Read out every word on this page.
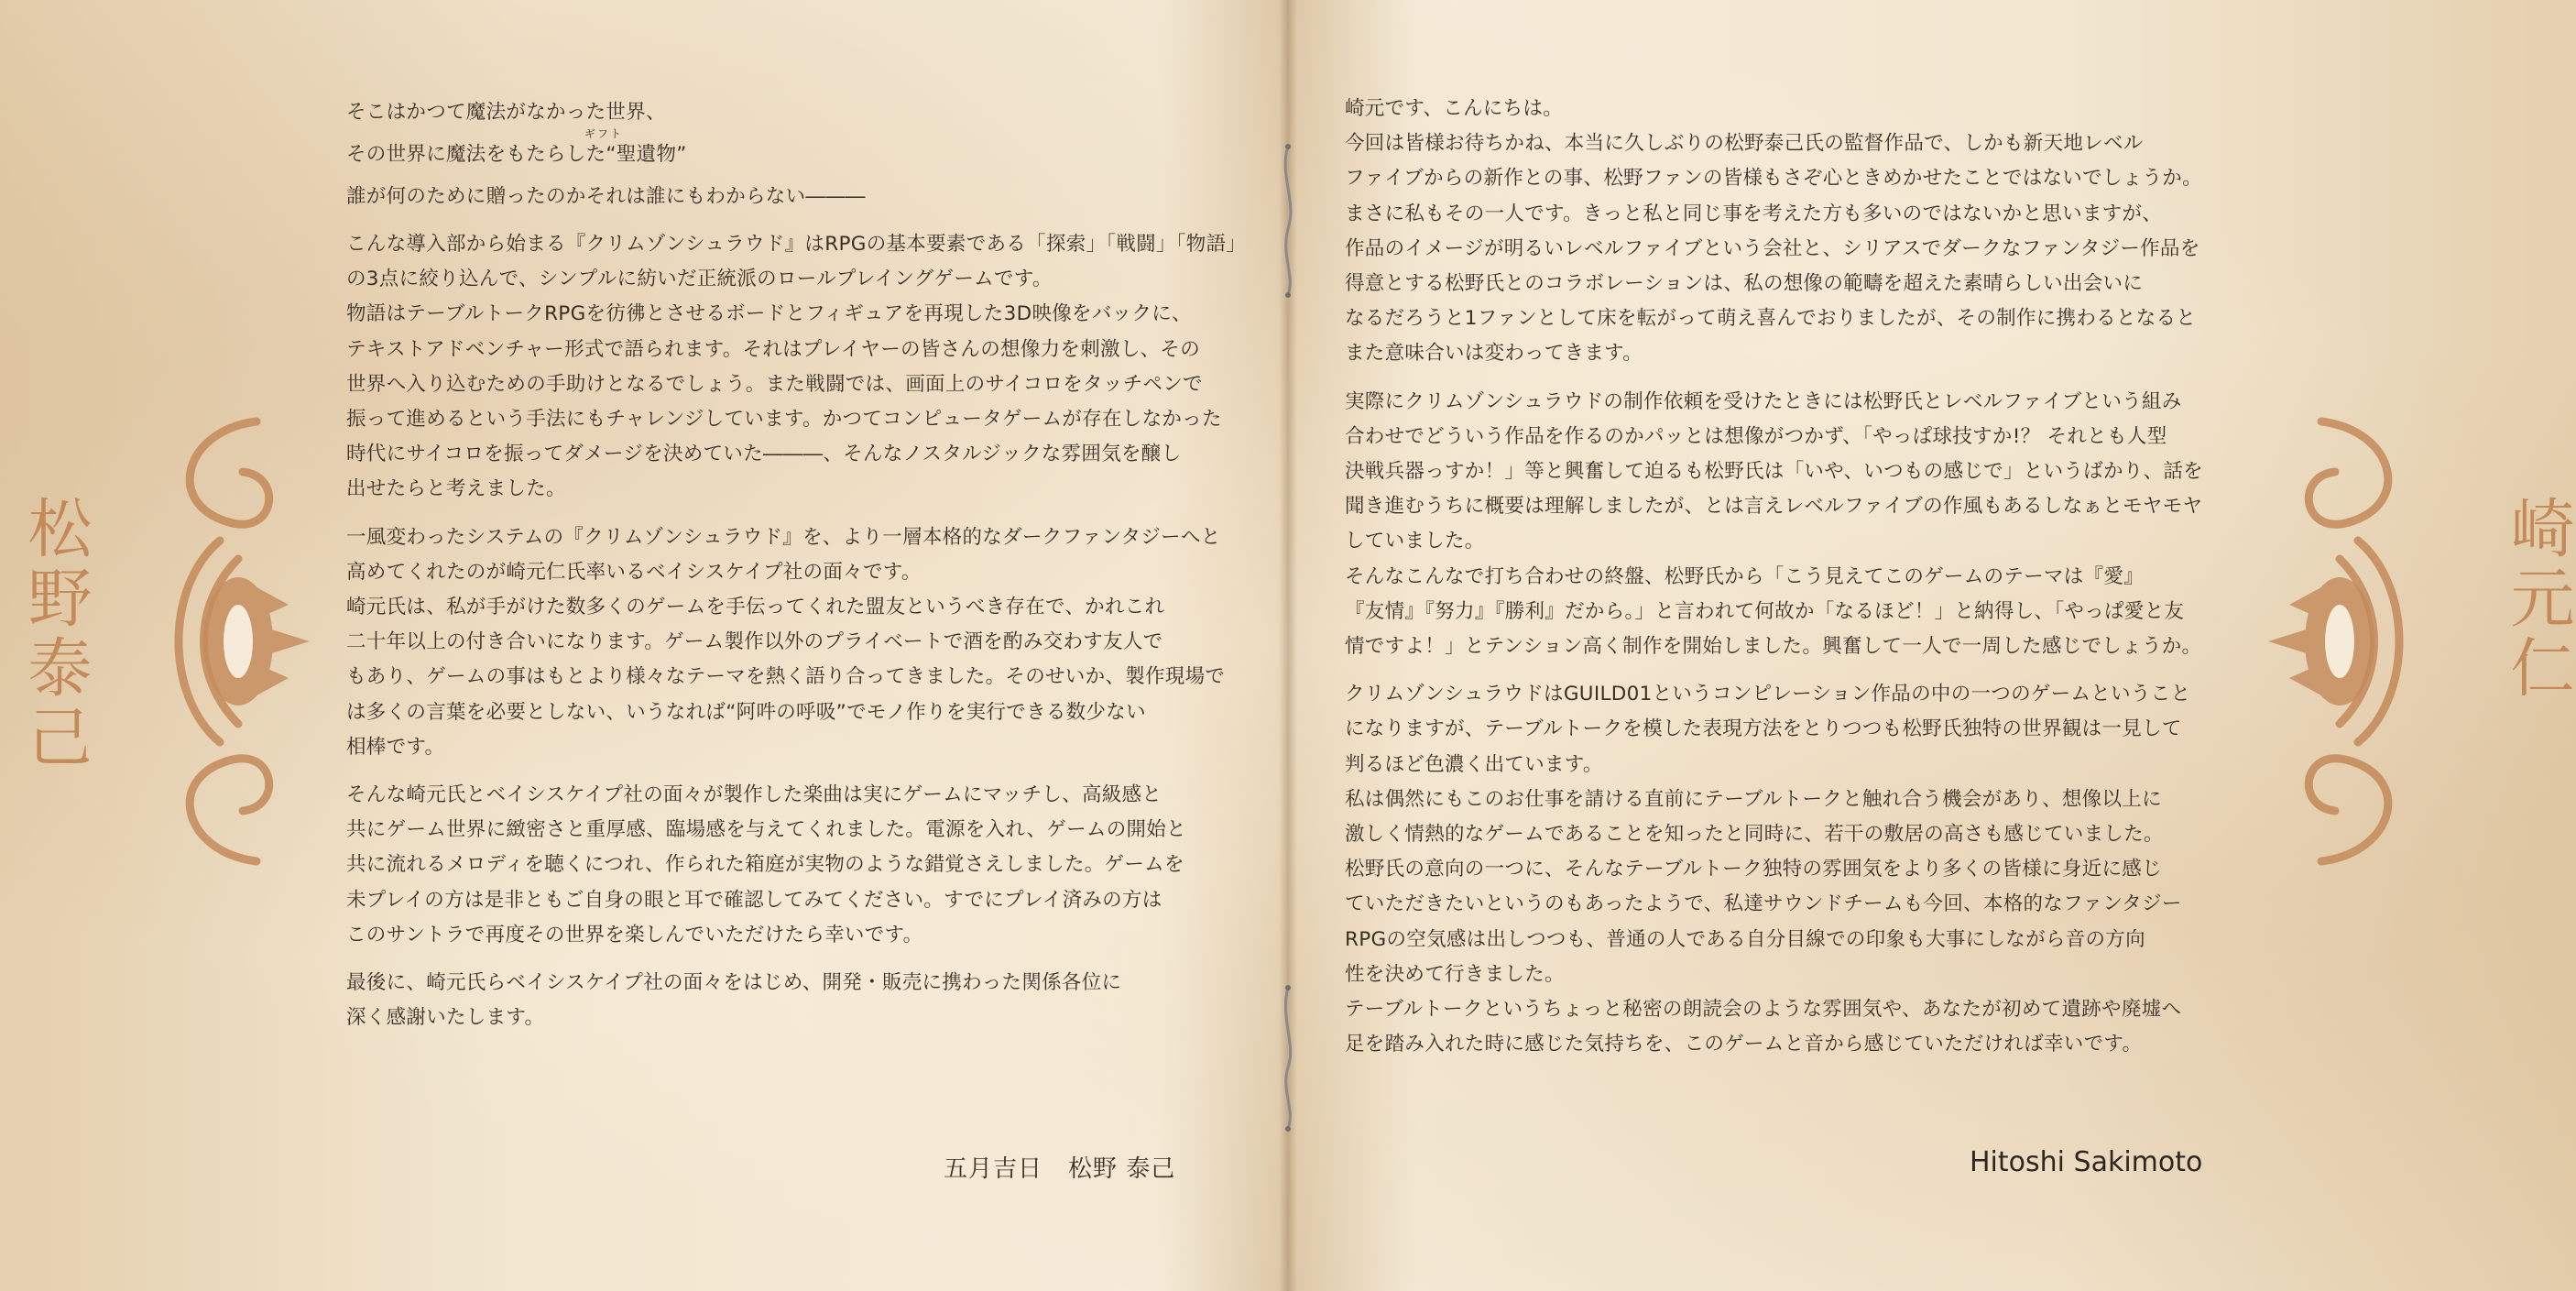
松野泰己

そこはかつて魔法がなかった世界、
その世界に魔法をもたらした“聖遺物”
ギフト
誰が何のために贈ったのかそれは誰にもわからない―――

こんな導入部から始まる『クリムゾンシュラウド』はRPGの基本要素である「探索」「戦闘」「物語」
の3点に絞り込んで、シンプルに紡いだ正統派のロールプレイングゲームです。
物語はテーブルトークRPGを彷彿とさせるボードとフィギュアを再現した3D映像をバックに、
テキストアドベンチャー形式で語られます。それはプレイヤーの皆さんの想像力を刺激し、その
世界へ入り込むための手助けとなるでしょう。また戦闘では、画面上のサイコロをタッチペンで
振って進めるという手法にもチャレンジしています。かつてコンピュータゲームが存在しなかった
時代にサイコロを振ってダメージを決めていた―――、そんなノスタルジックな雰囲気を醸し
出せたらと考えました。

一風変わったシステムの『クリムゾンシュラウド』を、より一層本格的なダークファンタジーへと
高めてくれたのが崎元仁氏率いるベイシスケイプ社の面々です。
崎元氏は、私が手がけた数多くのゲームを手伝ってくれた盟友というべき存在で、かれこれ
二十年以上の付き合いになります。ゲーム製作以外のプライベートで酒を酌み交わす友人で
もあり、ゲームの事はもとより様々なテーマを熱く語り合ってきました。そのせいか、製作現場で
は多くの言葉を必要としない、いうなれば“阿吽の呼吸”でモノ作りを実行できる数少ない
相棒です。

そんな崎元氏とベイシスケイプ社の面々が製作した楽曲は実にゲームにマッチし、高級感と
共にゲーム世界に緻密さと重厚感、臨場感を与えてくれました。電源を入れ、ゲームの開始と
共に流れるメロディを聴くにつれ、作られた箱庭が実物のような錯覚さえしました。ゲームを
未プレイの方は是非ともご自身の眼と耳で確認してみてください。すでにプレイ済みの方は
このサントラで再度その世界を楽しんでいただけたら幸いです。

最後に、崎元氏らベイシスケイプ社の面々をはじめ、開発・販売に携わった関係各位に
深く感謝いたします。

五月吉日 松野 泰己

崎元です、こんにちは。
今回は皆様お待ちかね、本当に久しぶりの松野泰己氏の監督作品で、しかも新天地レベル
ファイブからの新作との事、松野ファンの皆様もさぞ心ときめかせたことではないでしょうか。
まさに私もその一人です。きっと私と同じ事を考えた方も多いのではないかと思いますが、
作品のイメージが明るいレベルファイブという会社と、シリアスでダークなファンタジー作品を
得意とする松野氏とのコラボレーションは、私の想像の範疇を超えた素晴らしい出会いに
なるだろうと1ファンとして床を転がって萌え喜んでおりましたが、その制作に携わるとなると
また意味合いは変わってきます。

実際にクリムゾンシュラウドの制作依頼を受けたときには松野氏とレベルファイブという組み
合わせでどういう作品を作るのかパッとは想像がつかず、「やっぱ球技すか!？ それとも人型
決戦兵器っすか！」等と興奮して迫るも松野氏は「いや、いつもの感じで」というばかり、話を
聞き進むうちに概要は理解しましたが、とは言えレベルファイブの作風もあるしなぁとモヤモヤ
していました。
そんなこんなで打ち合わせの終盤、松野氏から「こう見えてこのゲームのテーマは『愛』
『友情』『努力』『勝利』だから。」と言われて何故か「なるほど！」と納得し、「やっぱ愛と友
情ですよ！」とテンション高く制作を開始しました。興奮して一人で一周した感じでしょうか。

クリムゾンシュラウドはGUILD01というコンピレーション作品の中の一つのゲームということ
になりますが、テーブルトークを模した表現方法をとりつつも松野氏独特の世界観は一見して
判るほど色濃く出ています。
私は偶然にもこのお仕事を請ける直前にテーブルトークと触れ合う機会があり、想像以上に
激しく情熱的なゲームであることを知ったと同時に、若干の敷居の高さも感じていました。
松野氏の意向の一つに、そんなテーブルトーク独特の雰囲気をより多くの皆様に身近に感じ
ていただきたいというのもあったようで、私達サウンドチームも今回、本格的なファンタジー
RPGの空気感は出しつつも、普通の人である自分目線での印象も大事にしながら音の方向
性を決めて行きました。
テーブルトークというちょっと秘密の朗読会のような雰囲気や、あなたが初めて遺跡や廃墟へ
足を踏み入れた時に感じた気持ちを、このゲームと音から感じていただければ幸いです。

Hitoshi Sakimoto
崎元仁
